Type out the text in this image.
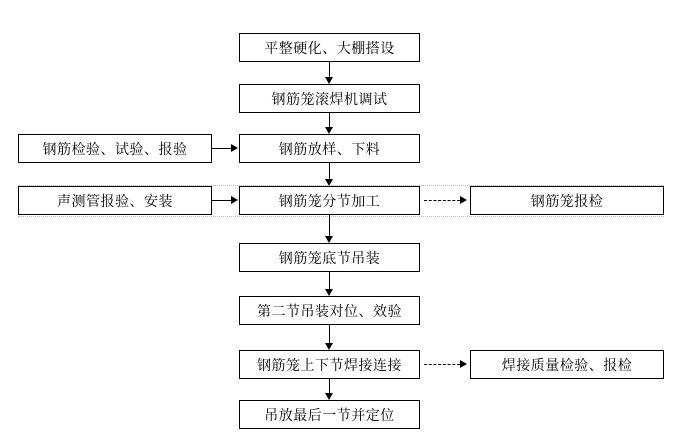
平整硬化、大棚搭设
钢筋笼滚焊机调试
钢筋检验、试验、报验	钢筋放样、下料
声测管报验、安装	钢筋笼分节加工	钢筋笼报检
钢筋笼底节吊装
第二节吊装对位、效验
钢筋笼上下节焊接连接	焊接质量检验、报检
吊放最后一节并定位
